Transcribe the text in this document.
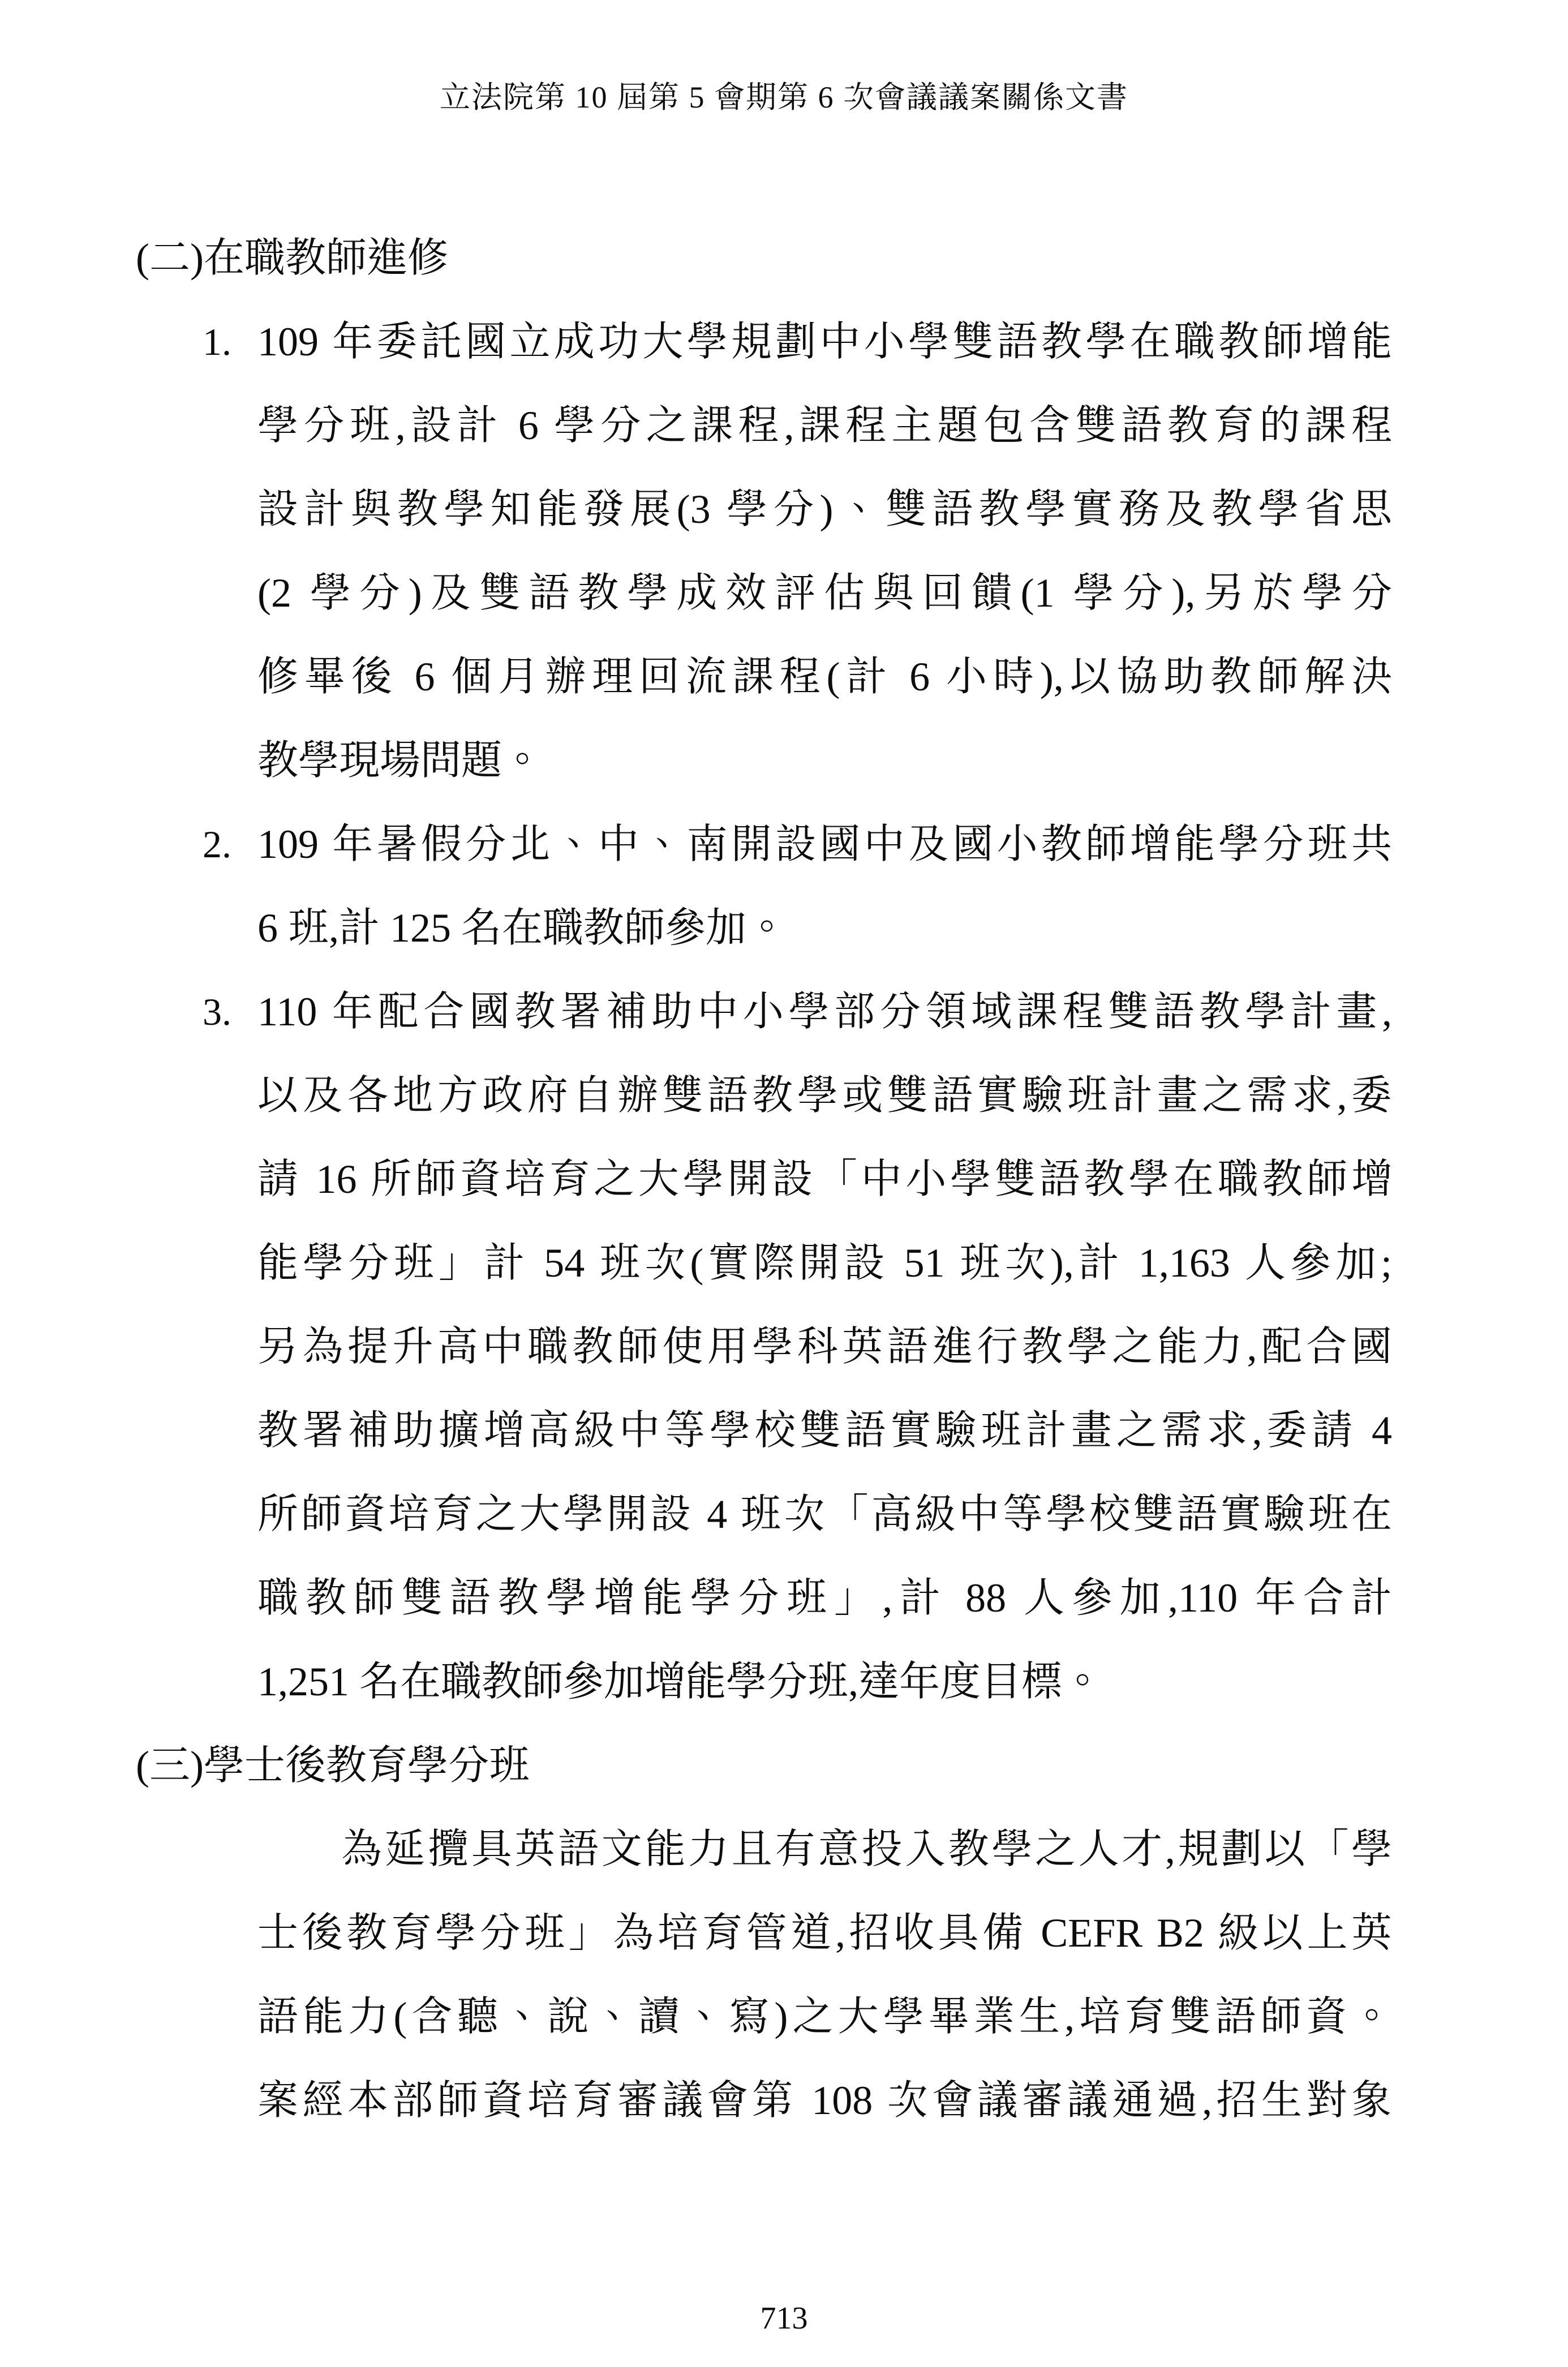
立法院第 10 屆第 5 會期第 6 次會議議案關係文書
(二)在職教師進修
1. 109 年委託國立成功大學規劃中小學雙語教學在職教師增能
學分班,設計 6 學分之課程,課程主題包含雙語教育的課程
設計與教學知能發展(3 學分)、雙語教學實務及教學省思
(2 學分)及雙語教學成效評估與回饋(1 學分),另於學分
修畢後 6 個月辦理回流課程(計 6 小時),以協助教師解決
教學現場問題。
2. 109 年暑假分北、中、南開設國中及國小教師增能學分班共
6 班,計 125 名在職教師參加。
3. 110 年配合國教署補助中小學部分領域課程雙語教學計畫,
以及各地方政府自辦雙語教學或雙語實驗班計畫之需求,委
請 16 所師資培育之大學開設「中小學雙語教學在職教師增
能學分班」計 54 班次(實際開設 51 班次),計 1,163 人參加;
另為提升高中職教師使用學科英語進行教學之能力,配合國
教署補助擴增高級中等學校雙語實驗班計畫之需求,委請 4
所師資培育之大學開設 4 班次「高級中等學校雙語實驗班在
職教師雙語教學增能學分班」,計 88 人參加,110 年合計
1,251 名在職教師參加增能學分班,達年度目標。
(三)學士後教育學分班
為延攬具英語文能力且有意投入教學之人才,規劃以「學
士後教育學分班」為培育管道,招收具備 CEFR B2 級以上英
語能力(含聽、說、讀、寫)之大學畢業生,培育雙語師資。
案經本部師資培育審議會第 108 次會議審議通過,招生對象
713
